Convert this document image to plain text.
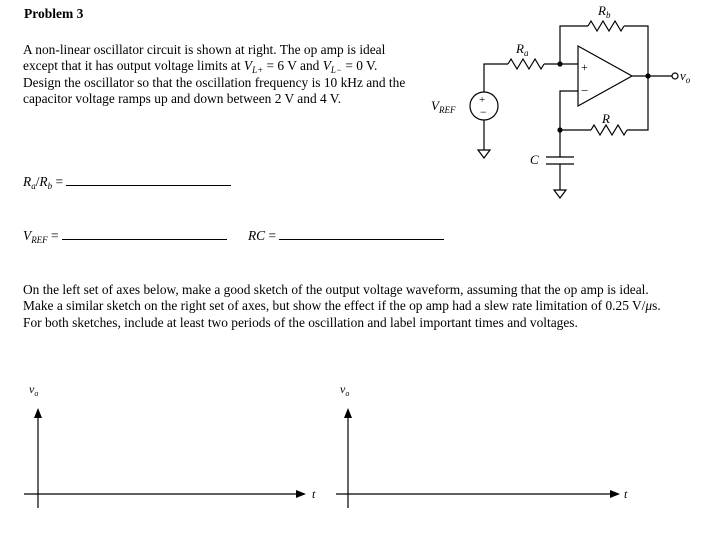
Problem 3
A non-linear oscillator circuit is shown at right. The op amp is ideal except that it has output voltage limits at $V_{L+} = 6$ V and $V_{L-} = 0$ V. Design the oscillator so that the oscillation frequency is 10 kHz and the capacitor voltage ramps up and down between 2 V and 4 V.
$R_a/R_b$ =
$V_{REF}$ =	RC =
On the left set of axes below, make a good sketch of the output voltage waveform, assuming that the op amp is ideal. Make a similar sketch on the right set of axes, but show the effect if the op amp had a slew rate limitation of 0.25 V/μs. For both sketches, include at least two periods of the oscillation and label important times and voltages.
$R_b$
$R_a$
R
C
$V_{REF}$
$v_o$
+
−
+
−
$v_o$
t
$v_o$
t
